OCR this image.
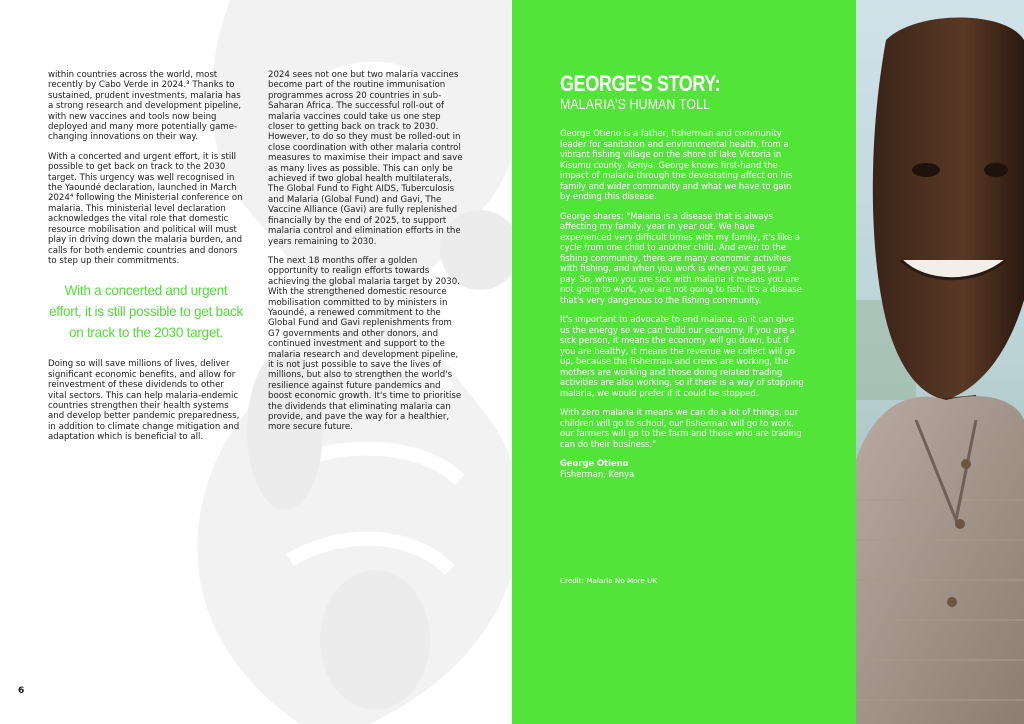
within countries across the world, most recently by Cabo Verde in 2024.³ Thanks to sustained, prudent investments, malaria has a strong research and development pipeline, with new vaccines and tools now being deployed and many more potentially game-changing innovations on their way.

With a concerted and urgent effort, it is still possible to get back on track to the 2030 target. This urgency was well recognised in the Yaoundé declaration, launched in March 2024⁴ following the Ministerial conference on malaria. This ministerial level declaration acknowledges the vital role that domestic resource mobilisation and political will must play in driving down the malaria burden, and calls for both endemic countries and donors to step up their commitments.

With a concerted and urgent effort, it is still possible to get back on track to the 2030 target.

Doing so will save millions of lives, deliver significant economic benefits, and allow for reinvestment of these dividends to other vital sectors. This can help malaria-endemic countries strengthen their health systems and develop better pandemic preparedness, in addition to climate change mitigation and adaptation which is beneficial to all.

2024 sees not one but two malaria vaccines become part of the routine immunisation programmes across 20 countries in sub-Saharan Africa. The successful roll-out of malaria vaccines could take us one step closer to getting back on track to 2030. However, to do so they must be rolled-out in close coordination with other malaria control measures to maximise their impact and save as many lives as possible. This can only be achieved if two global health multilaterals, The Global Fund to Fight AIDS, Tuberculosis and Malaria (Global Fund) and Gavi, The Vaccine Alliance (Gavi) are fully replenished financially by the end of 2025, to support malaria control and elimination efforts in the years remaining to 2030.

The next 18 months offer a golden opportunity to realign efforts towards achieving the global malaria target by 2030. With the strengthened domestic resource mobilisation committed to by ministers in Yaoundé, a renewed commitment to the Global Fund and Gavi replenishments from G7 governments and other donors, and continued investment and support to the malaria research and development pipeline, it is not just possible to save the lives of millions, but also to strengthen the world's resilience against future pandemics and boost economic growth. It's time to prioritise the dividends that eliminating malaria can provide, and pave the way for a healthier, more secure future.

6
GEORGE'S STORY:
MALARIA'S HUMAN TOLL

George Otieno is a father, fisherman and community leader for sanitation and environmental health, from a vibrant fishing village on the shore of lake Victoria in Kisumu county, Kenya. George knows first-hand the impact of malaria through the devastating affect on his family and wider community and what we have to gain by ending this disease.

George shares: "Malaria is a disease that is always affecting my family, year in year out. We have experienced very difficult times with my family, it's like a cycle from one child to another child. And even to the fishing community, there are many economic activities with fishing, and when you work is when you get your pay. So, when you are sick with malaria it means you are not going to work, you are not going to fish. It's a disease that's very dangerous to the fishing community.

It's important to advocate to end malaria, so it can give us the energy so we can build our economy. If you are a sick person, it means the economy will go down, but if you are healthy, it means the revenue we collect will go up, because the fisherman and crews are working, the mothers are working and those doing related trading activities are also working, so if there is a way of stopping malaria, we would prefer if it could be stopped.

With zero malaria it means we can do a lot of things, our children will go to school, our fisherman will go to work, our farmers will go to the farm and those who are trading can do their business."

George Otieno
Fisherman, Kenya
Credit: Malaria No More UK
